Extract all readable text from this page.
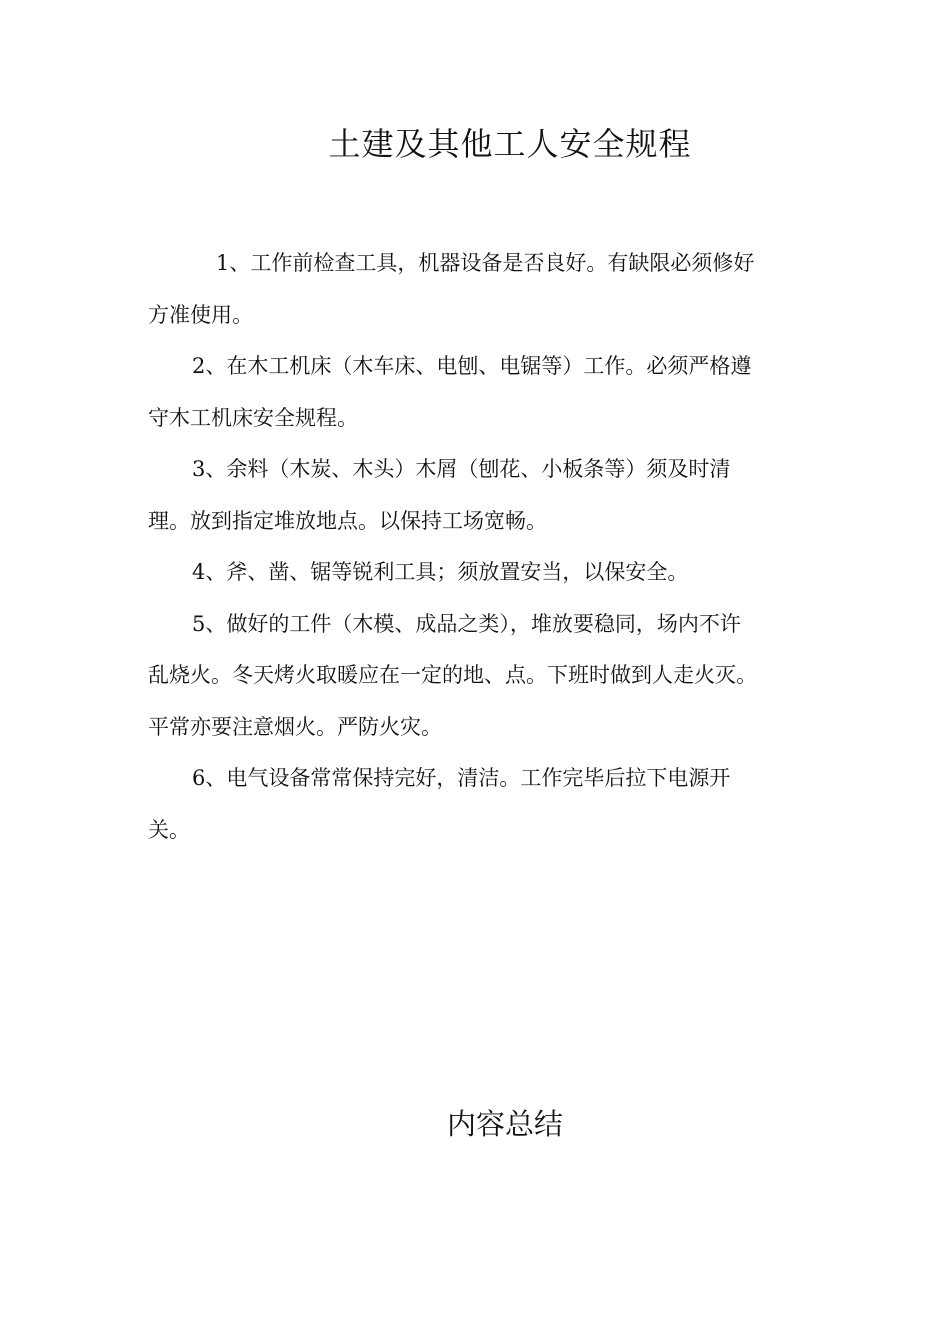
土建及其他工人安全规程
1、工作前检查工具，机器设备是否良好。有缺限必须修好
方准使用。
2、在木工机床（木车床、电刨、电锯等）工作。必须严格遵
守木工机床安全规程。
3、余料（木炭、木头）木屑（刨花、小板条等）须及时清
理。放到指定堆放地点。以保持工场宽畅。
4、斧、凿、锯等锐利工具；须放置安当，以保安全。
5、做好的工件（木模、成品之类），堆放要稳同，场内不许
乱烧火。冬天烤火取暖应在一定的地、点。下班时做到人走火灭。
平常亦要注意烟火。严防火灾。
6、电气设备常常保持完好，清洁。工作完毕后拉下电源开
关。
内容总结
